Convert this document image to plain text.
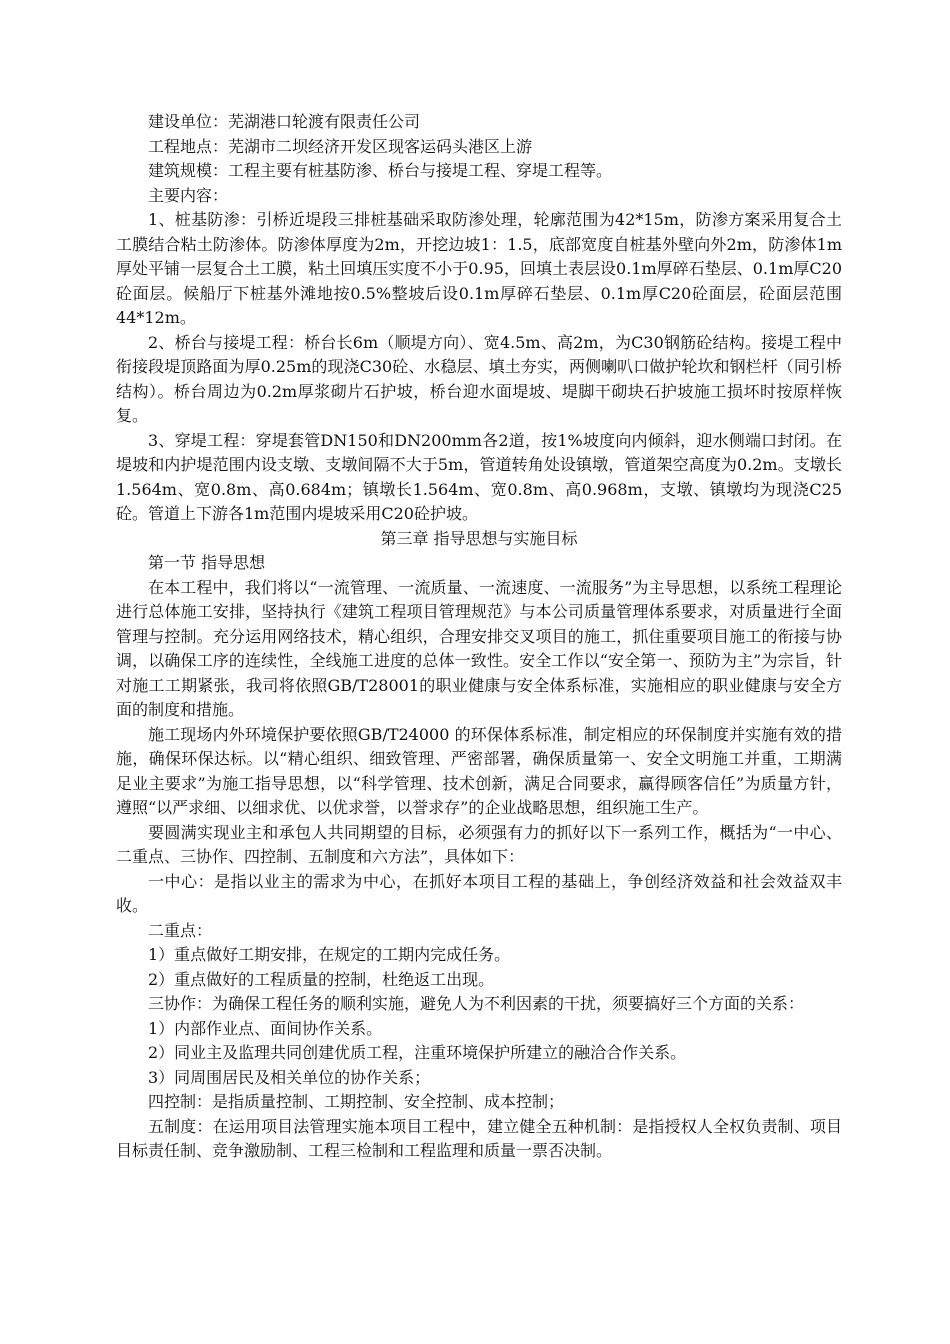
建设单位：芜湖港口轮渡有限责任公司

工程地点：芜湖市二坝经济开发区现客运码头港区上游

建筑规模：工程主要有桩基防渗、桥台与接堤工程、穿堤工程等。

主要内容：

1、桩基防渗：引桥近堤段三排桩基础采取防渗处理，轮廓范围为42*15m，防渗方案采用复合土工膜结合粘土防渗体。防渗体厚度为2m，开挖边坡1：1.5，底部宽度自桩基外壁向外2m，防渗体1m厚处平铺一层复合土工膜，粘土回填压实度不小于0.95，回填土表层设0.1m厚碎石垫层、0.1m厚C20砼面层。候船厅下桩基外滩地按0.5%整坡后设0.1m厚碎石垫层、0.1m厚C20砼面层，砼面层范围44*12m。

2、桥台与接堤工程：桥台长6m（顺堤方向）、宽4.5m、高2m，为C30钢筋砼结构。接堤工程中衔接段堤顶路面为厚0.25m的现浇C30砼、水稳层、填土夯实，两侧喇叭口做护轮坎和钢栏杆（同引桥结构）。桥台周边为0.2m厚浆砌片石护坡，桥台迎水面堤坡、堤脚干砌块石护坡施工损坏时按原样恢复。

3、穿堤工程：穿堤套管DN150和DN200mm各2道，按1%坡度向内倾斜，迎水侧端口封闭。在堤坡和内护堤范围内设支墩、支墩间隔不大于5m，管道转角处设镇墩，管道架空高度为0.2m。支墩长1.564m、宽0.8m、高0.684m；镇墩长1.564m、宽0.8m、高0.968m，支墩、镇墩均为现浇C25砼。管道上下游各1m范围内堤坡采用C20砼护坡。

第三章 指导思想与实施目标

第一节 指导思想

在本工程中，我们将以“一流管理、一流质量、一流速度、一流服务”为主导思想，以系统工程理论进行总体施工安排，坚持执行《建筑工程项目管理规范》与本公司质量管理体系要求，对质量进行全面管理与控制。充分运用网络技术，精心组织，合理安排交叉项目的施工，抓住重要项目施工的衔接与协调，以确保工序的连续性，全线施工进度的总体一致性。安全工作以“安全第一、预防为主”为宗旨，针对施工工期紧张，我司将依照GB/T28001的职业健康与安全体系标准，实施相应的职业健康与安全方面的制度和措施。

施工现场内外环境保护要依照GB/T24000 的环保体系标准，制定相应的环保制度并实施有效的措施，确保环保达标。以“精心组织、细致管理、严密部署，确保质量第一、安全文明施工并重，工期满足业主要求”为施工指导思想，以“科学管理、技术创新，满足合同要求，赢得顾客信任”为质量方针，遵照“以严求细、以细求优、以优求誉，以誉求存”的企业战略思想，组织施工生产。

要圆满实现业主和承包人共同期望的目标，必须强有力的抓好以下一系列工作，概括为“一中心、二重点、三协作、四控制、五制度和六方法”，具体如下：

一中心：是指以业主的需求为中心，在抓好本项目工程的基础上，争创经济效益和社会效益双丰收。

二重点：

1）重点做好工期安排，在规定的工期内完成任务。

2）重点做好的工程质量的控制，杜绝返工出现。

三协作：为确保工程任务的顺利实施，避免人为不利因素的干扰，须要搞好三个方面的关系：

1）内部作业点、面间协作关系。

2）同业主及监理共同创建优质工程，注重环境保护所建立的融洽合作关系。

3）同周围居民及相关单位的协作关系；

四控制：是指质量控制、工期控制、安全控制、成本控制；

五制度：在运用项目法管理实施本项目工程中，建立健全五种机制：是指授权人全权负责制、项目目标责任制、竞争激励制、工程三检制和工程监理和质量一票否决制。
